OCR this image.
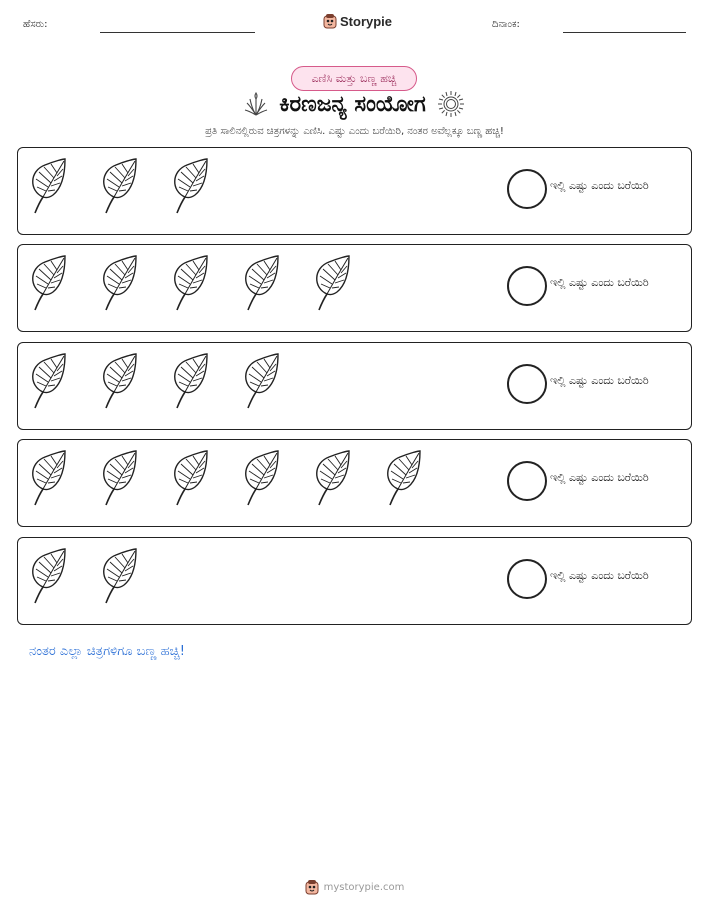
ಹೆಸರು:	Storypie	ದಿನಾಂಕ:
ಎಣಿಸಿ ಮತ್ತು ಬಣ್ಣ ಹಚ್ಚಿ
ಕಿರಣಜನ್ಯ ಸಂಯೋಗ
ಪ್ರತಿ ಸಾಲಿನಲ್ಲಿರುವ ಚಿತ್ರಗಳನ್ನು ಎಣಿಸಿ. ಎಷ್ಟು ಎಂದು ಬರೆಯಿರಿ, ನಂತರ ಅವೆಲ್ಲಕ್ಕೂ ಬಣ್ಣ ಹಚ್ಚಿ!
ಇಲ್ಲಿ ಎಷ್ಟು ಎಂದು ಬರೆಯಿರಿ
ಇಲ್ಲಿ ಎಷ್ಟು ಎಂದು ಬರೆಯಿರಿ
ಇಲ್ಲಿ ಎಷ್ಟು ಎಂದು ಬರೆಯಿರಿ
ಇಲ್ಲಿ ಎಷ್ಟು ಎಂದು ಬರೆಯಿರಿ
ಇಲ್ಲಿ ಎಷ್ಟು ಎಂದು ಬರೆಯಿರಿ
ನಂತರ ಎಲ್ಲಾ ಚಿತ್ರಗಳಿಗೂ ಬಣ್ಣ ಹಚ್ಚಿ!
mystorypie.com
